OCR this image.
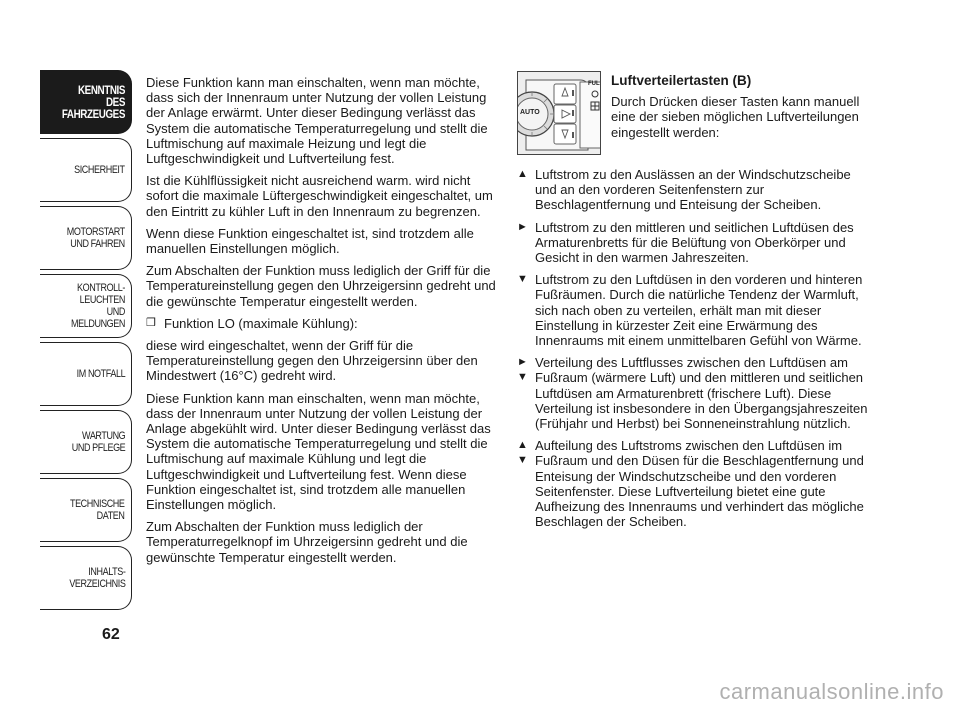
KENNTNIS
DES FAHRZEUGES
SICHERHEIT
MOTORSTART
UND FAHREN
KONTROLL-
LEUCHTEN
UND MELDUNGEN
IM NOTFALL
WARTUNG
UND PFLEGE
TECHNISCHE
DATEN
INHALTS-
VERZEICHNIS
62

Diese Funktion kann man einschalten, wenn man möchte, dass sich der Innenraum unter Nutzung der vollen Leistung der Anlage erwärmt. Unter dieser Bedingung verlässt das System die automatische Temperaturregelung und stellt die Luftmischung auf maximale Heizung und legt die Luftgeschwindigkeit und Luftverteilung fest.

Ist die Kühlflüssigkeit nicht ausreichend warm. wird nicht sofort die maximale Lüftergeschwindigkeit eingeschaltet, um den Eintritt zu kühler Luft in den Innenraum zu begrenzen.

Wenn diese Funktion eingeschaltet ist, sind trotzdem alle manuellen Einstellungen möglich.

Zum Abschalten der Funktion muss lediglich der Griff für die Temperatureinstellung gegen den Uhrzeigersinn gedreht und die gewünschte Temperatur eingestellt werden.

❒ Funktion LO (maximale Kühlung):

diese wird eingeschaltet, wenn der Griff für die Temperatureinstellung gegen den Uhrzeigersinn über den Mindestwert (16°C) gedreht wird.

Diese Funktion kann man einschalten, wenn man möchte, dass der Innenraum unter Nutzung der vollen Leistung der Anlage abgekühlt wird. Unter dieser Bedingung verlässt das System die automatische Temperaturregelung und stellt die Luftmischung auf maximale Kühlung und legt die Luftgeschwindigkeit und Luftverteilung fest. Wenn diese Funktion eingeschaltet ist, sind trotzdem alle manuellen Einstellungen möglich.

Zum Abschalten der Funktion muss lediglich der Temperaturregelknopf im Uhrzeigersinn gedreht und die gewünschte Temperatur eingestellt werden.

AUTO
FUL Luftverteilertasten (B)
Durch Drücken dieser Tasten kann manuell eine der sieben möglichen Luftverteilungen eingestellt werden:
▲ Luftstrom zu den Auslässen an der Windschutzscheibe und an den vorderen Seitenfenstern zur Beschlagentfernung und Enteisung der Scheiben.
► Luftstrom zu den mittleren und seitlichen Luftdüsen des Armaturenbretts für die Belüftung von Oberkörper und Gesicht in den warmen Jahreszeiten.
▼ Luftstrom zu den Luftdüsen in den vorderen und hinteren Fußräumen. Durch die natürliche Tendenz der Warmluft, sich nach oben zu verteilen, erhält man mit dieser Einstellung in kürzester Zeit eine Erwärmung des Innenraums mit einem unmittelbaren Gefühl von Wärme.
►
▼
Verteilung des Luftflusses zwischen den Luftdüsen am Fußraum (wärmere Luft) und den mittleren und seitlichen Luftdüsen am Armaturenbrett (frischere Luft). Diese Verteilung ist insbesondere in den Übergangsjahreszeiten (Frühjahr und Herbst) bei Sonneneinstrahlung nützlich.
▲
▼
Aufteilung des Luftstroms zwischen den Luftdüsen im Fußraum und den Düsen für die Beschlagentfernung und Enteisung der Windschutzscheibe und den vorderen Seitenfenster. Diese Luftverteilung bietet eine gute Aufheizung des Innenraums und verhindert das mögliche Beschlagen der Scheiben.
carmanualsonline.info
